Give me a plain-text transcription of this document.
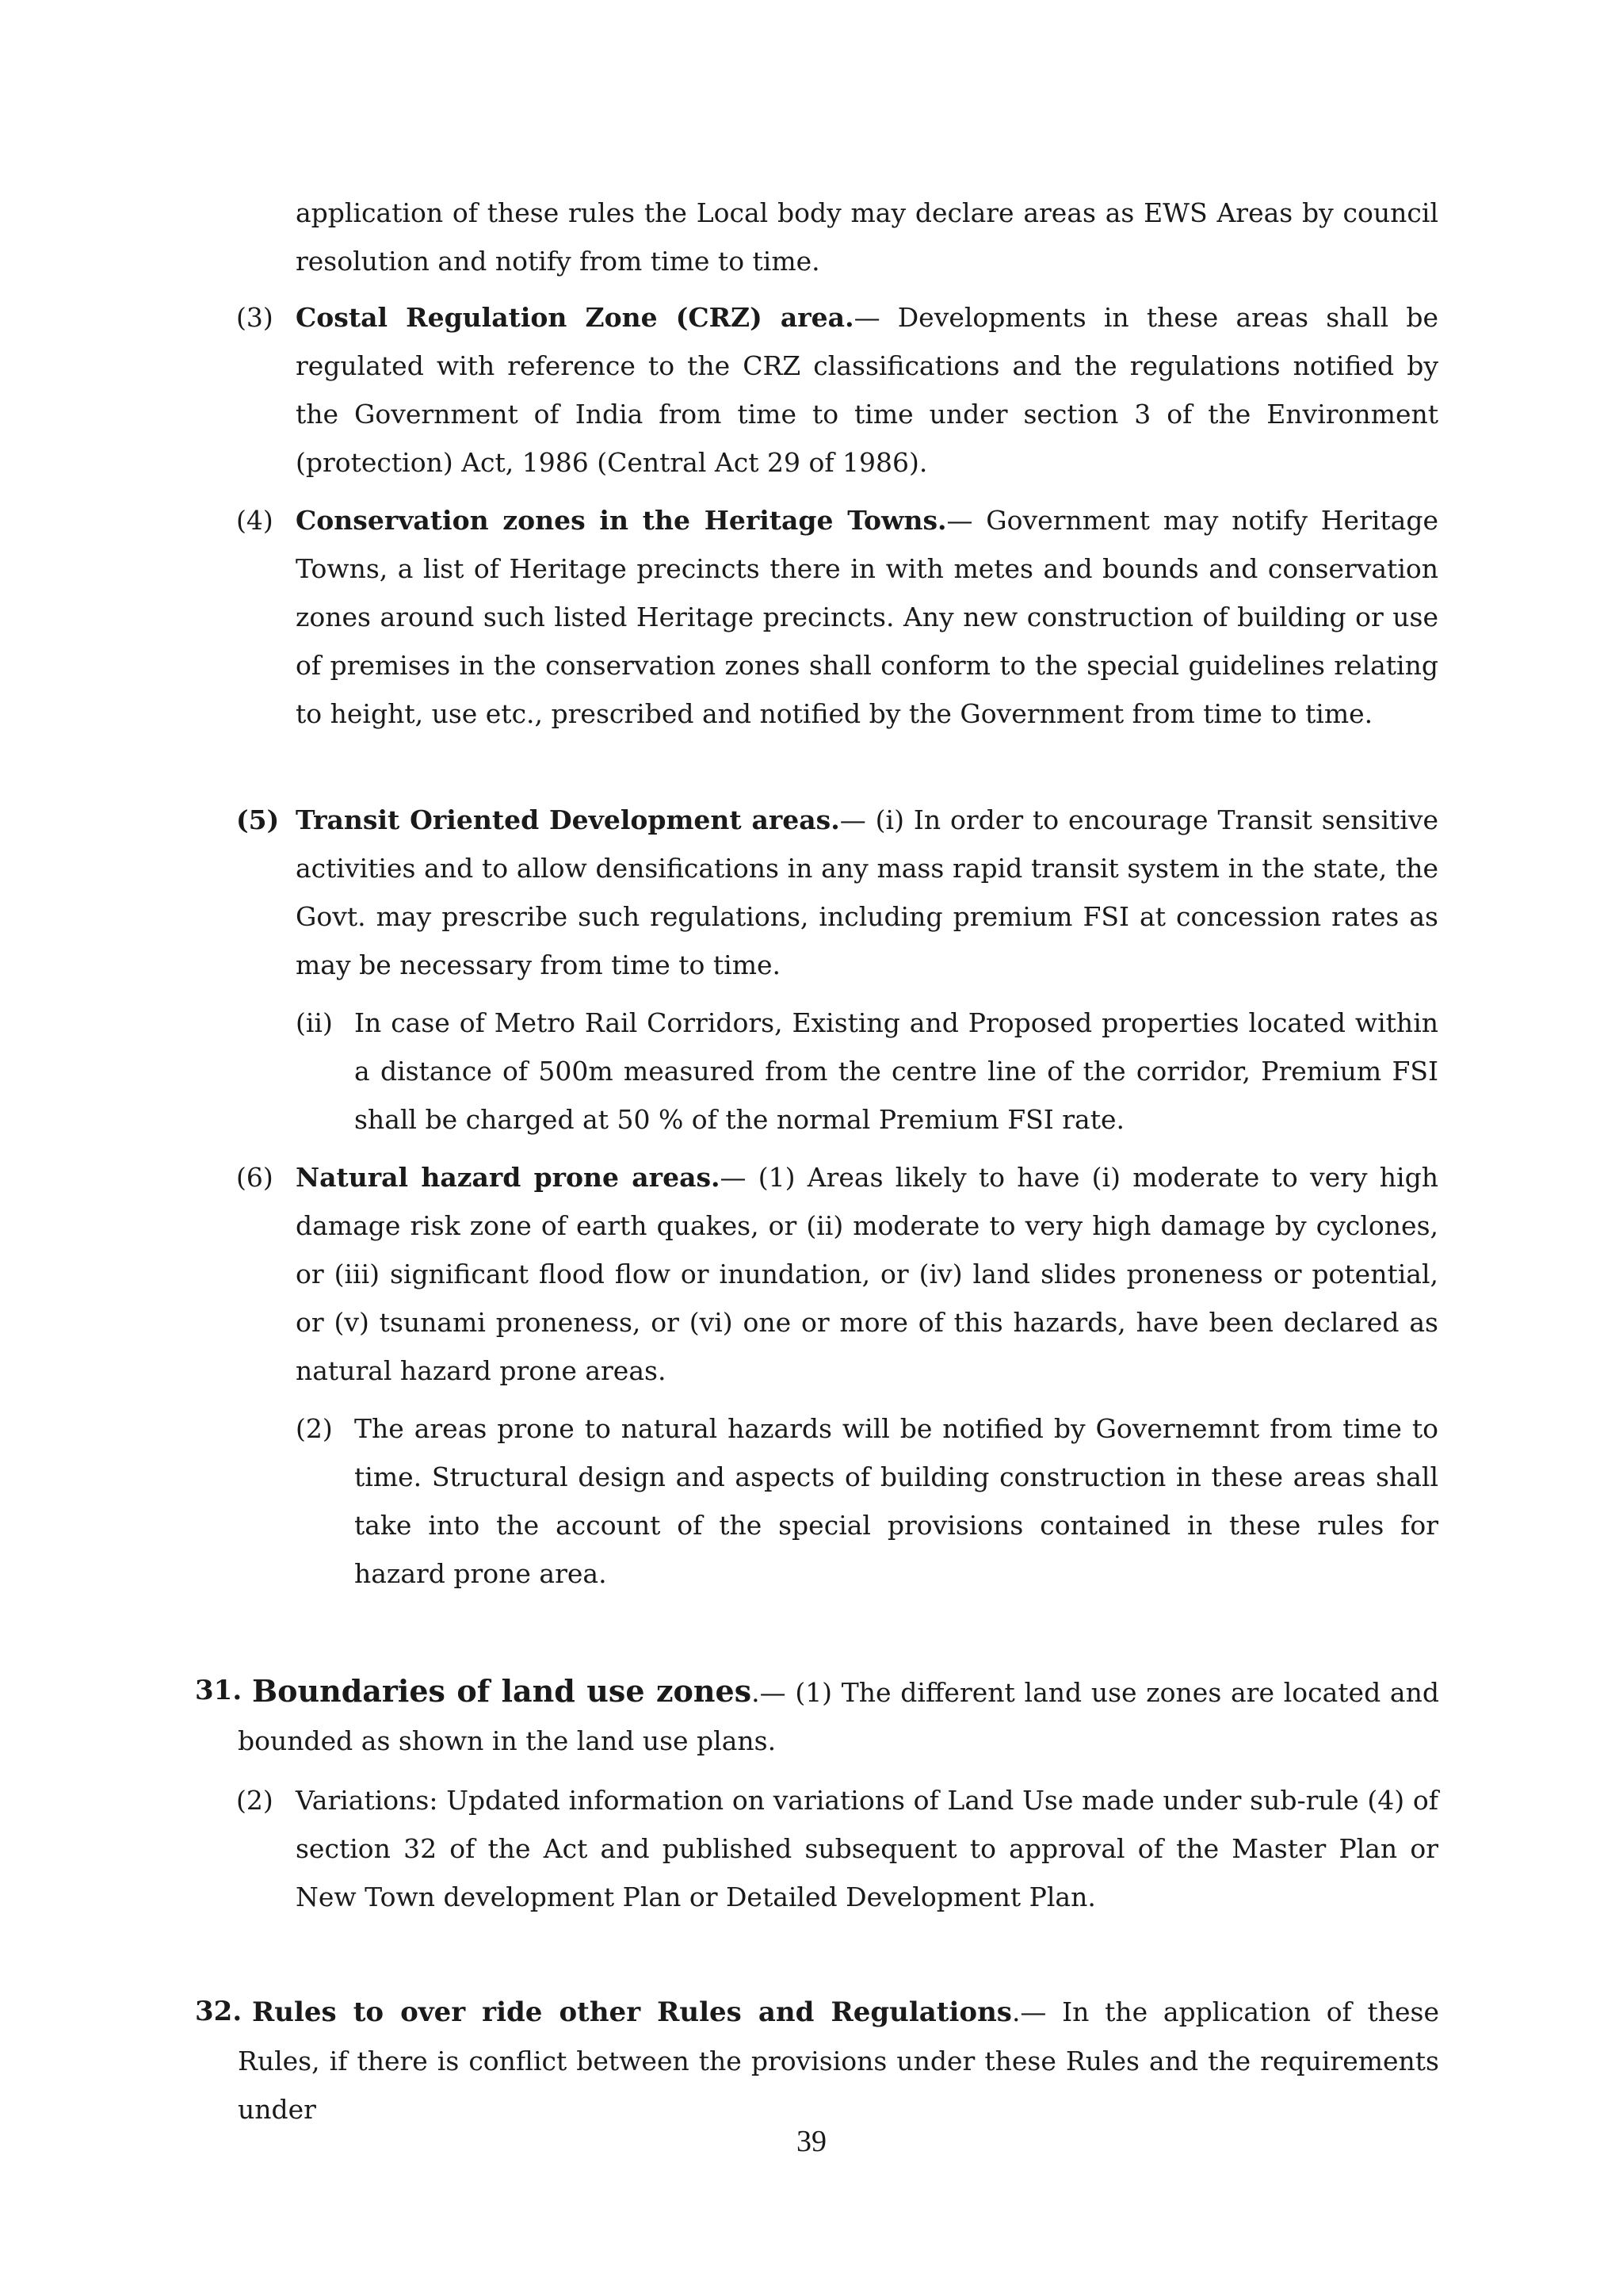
application of these rules the Local body may declare areas as EWS Areas by council resolution and notify from time to time.

(3) Costal Regulation Zone (CRZ) area.— Developments in these areas shall be regulated with reference to the CRZ classifications and the regulations notified by the Government of India from time to time under section 3 of the Environment (protection) Act, 1986 (Central Act 29 of 1986).

(4) Conservation zones in the Heritage Towns.— Government may notify Heritage Towns, a list of Heritage precincts there in with metes and bounds and conservation zones around such listed Heritage precincts. Any new construction of building or use of premises in the conservation zones shall conform to the special guidelines relating to height, use etc., prescribed and notified by the Government from time to time.

(5) Transit Oriented Development areas.— (i) In order to encourage Transit sensitive activities and to allow densifications in any mass rapid transit system in the state, the Govt. may prescribe such regulations, including premium FSI at concession rates as may be necessary from time to time.

(ii) In case of Metro Rail Corridors, Existing and Proposed properties located within a distance of 500m measured from the centre line of the corridor, Premium FSI shall be charged at 50 % of the normal Premium FSI rate.

(6) Natural hazard prone areas.— (1) Areas likely to have (i) moderate to very high damage risk zone of earth quakes, or (ii) moderate to very high damage by cyclones, or (iii) significant flood flow or inundation, or (iv) land slides proneness or potential, or (v) tsunami proneness, or (vi) one or more of this hazards, have been declared as natural hazard prone areas.

(2) The areas prone to natural hazards will be notified by Governemnt from time to time. Structural design and aspects of building construction in these areas shall take into the account of the special provisions contained in these rules for hazard prone area.

31. Boundaries of land use zones.— (1) The different land use zones are located and bounded as shown in the land use plans.

(2) Variations: Updated information on variations of Land Use made under sub-rule (4) of section 32 of the Act and published subsequent to approval of the Master Plan or New Town development Plan or Detailed Development Plan.

32. Rules to over ride other Rules and Regulations.— In the application of these Rules, if there is conflict between the provisions under these Rules and the requirements under

39
